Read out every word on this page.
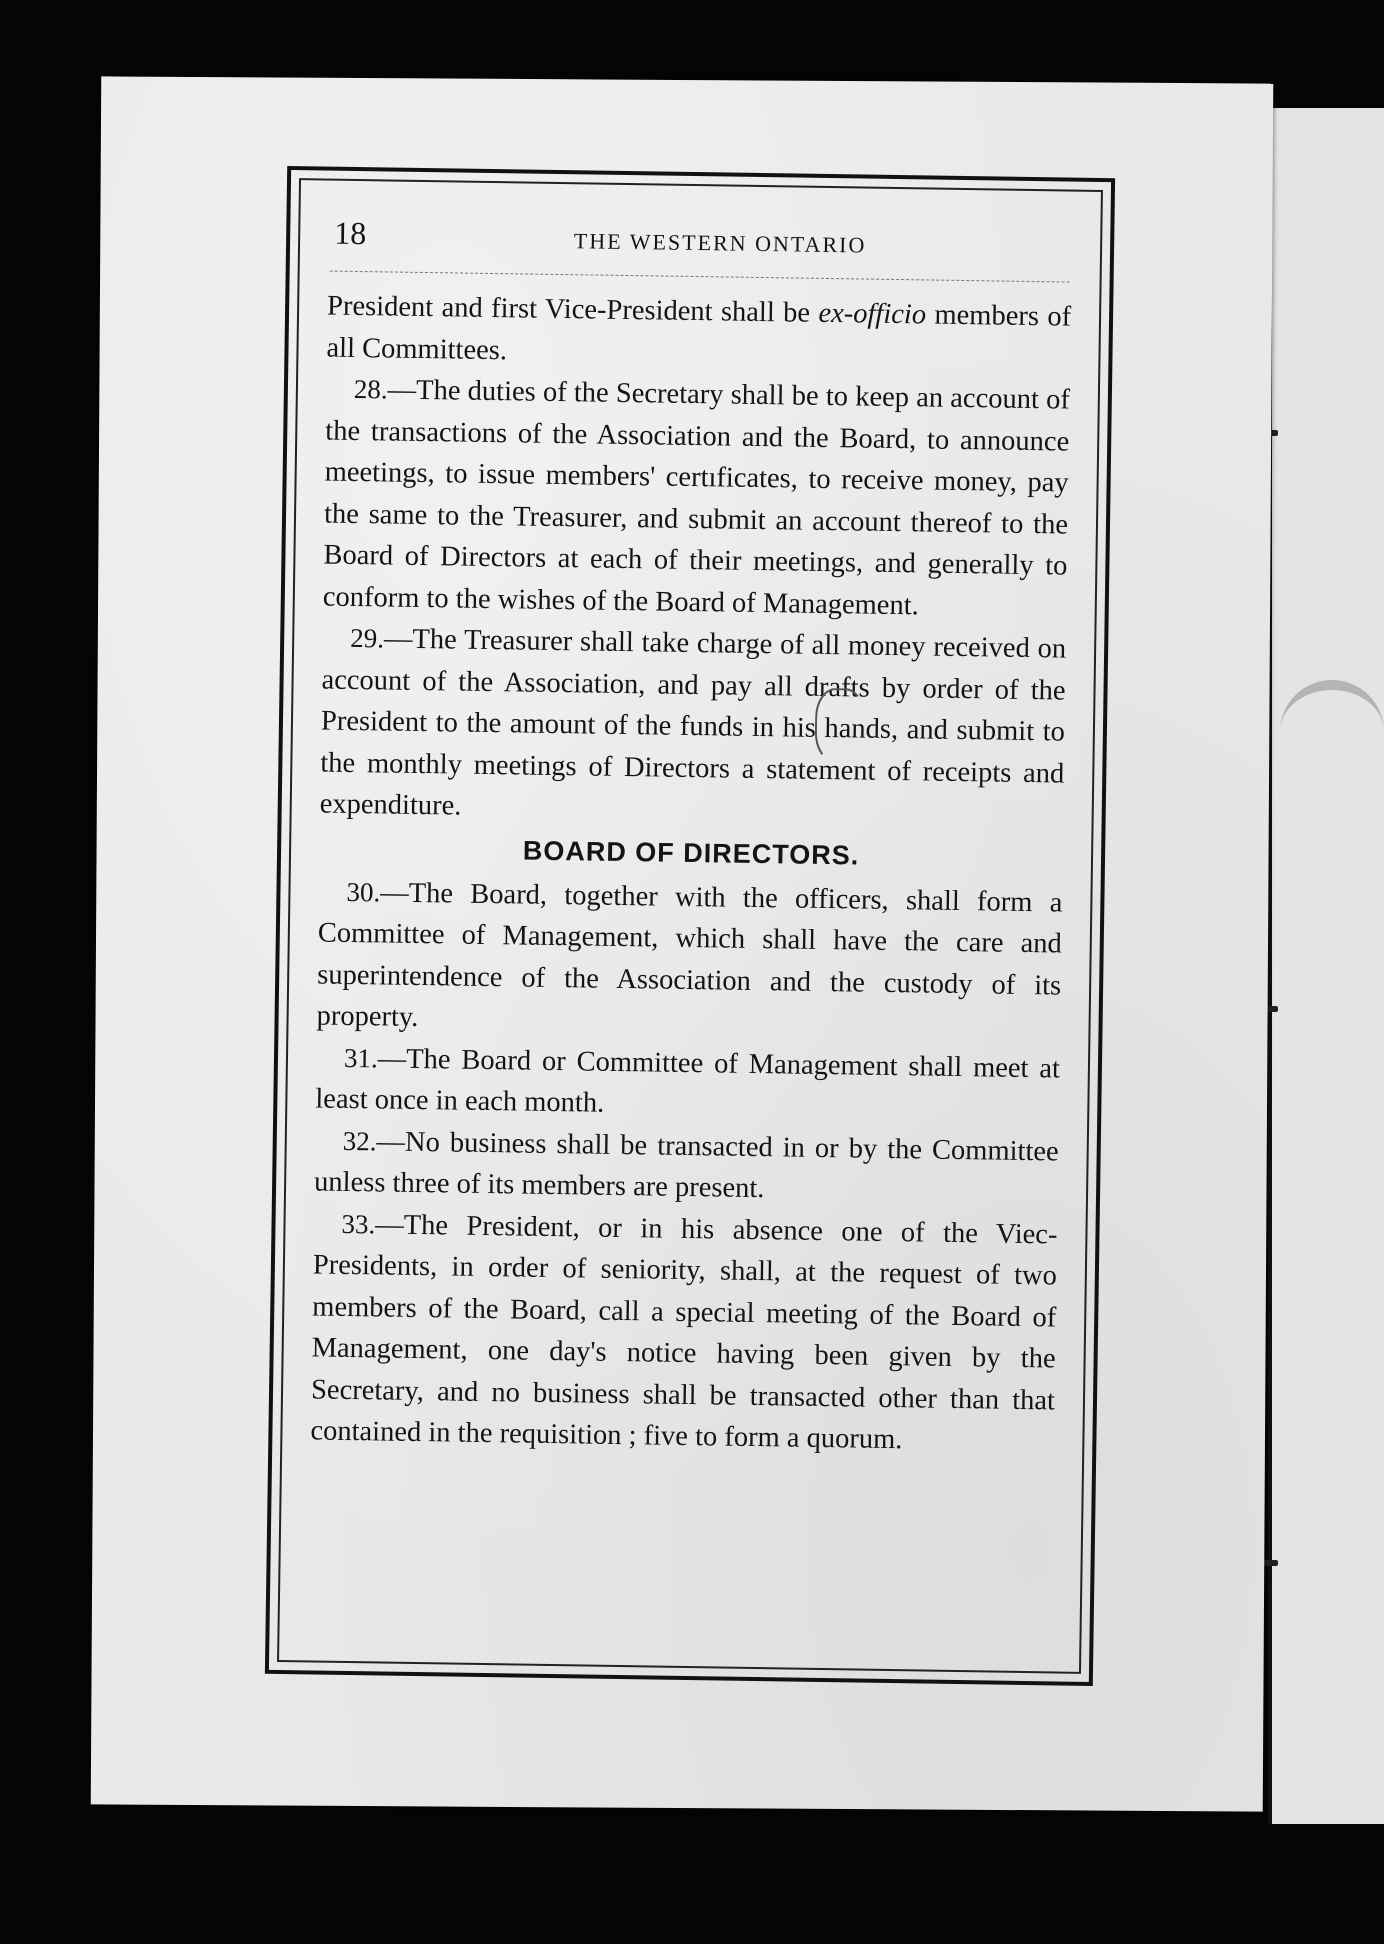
18	THE WESTERN ONTARIO

President and first Vice-President shall be ex-officio members of all Committees.

28.—The duties of the Secretary shall be to keep an account of the transactions of the Association and the Board, to announce meetings, to issue members' certıficates, to receive money, pay the same to the Treasurer, and submit an account thereof to the Board of Directors at each of their meetings, and generally to conform to the wishes of the Board of Management.

29.—The Treasurer shall take charge of all money received on account of the Association, and pay all drafts by order of the President to the amount of the funds in his hands, and submit to the monthly meetings of Directors a statement of receipts and expenditure.

BOARD OF DIRECTORS.

30.—The Board, together with the officers, shall form a Committee of Management, which shall have the care and superintendence of the Association and the custody of its property.

31.—The Board or Committee of Management shall meet at least once in each month.

32.—No business shall be transacted in or by the Committee unless three of its members are present.

33.—The President, or in his absence one of the Viec-Presidents, in order of seniority, shall, at the request of two members of the Board, call a special meeting of the Board of Management, one day's notice having been given by the Secretary, and no business shall be transacted other than that contained in the requisition ; five to form a quorum.
